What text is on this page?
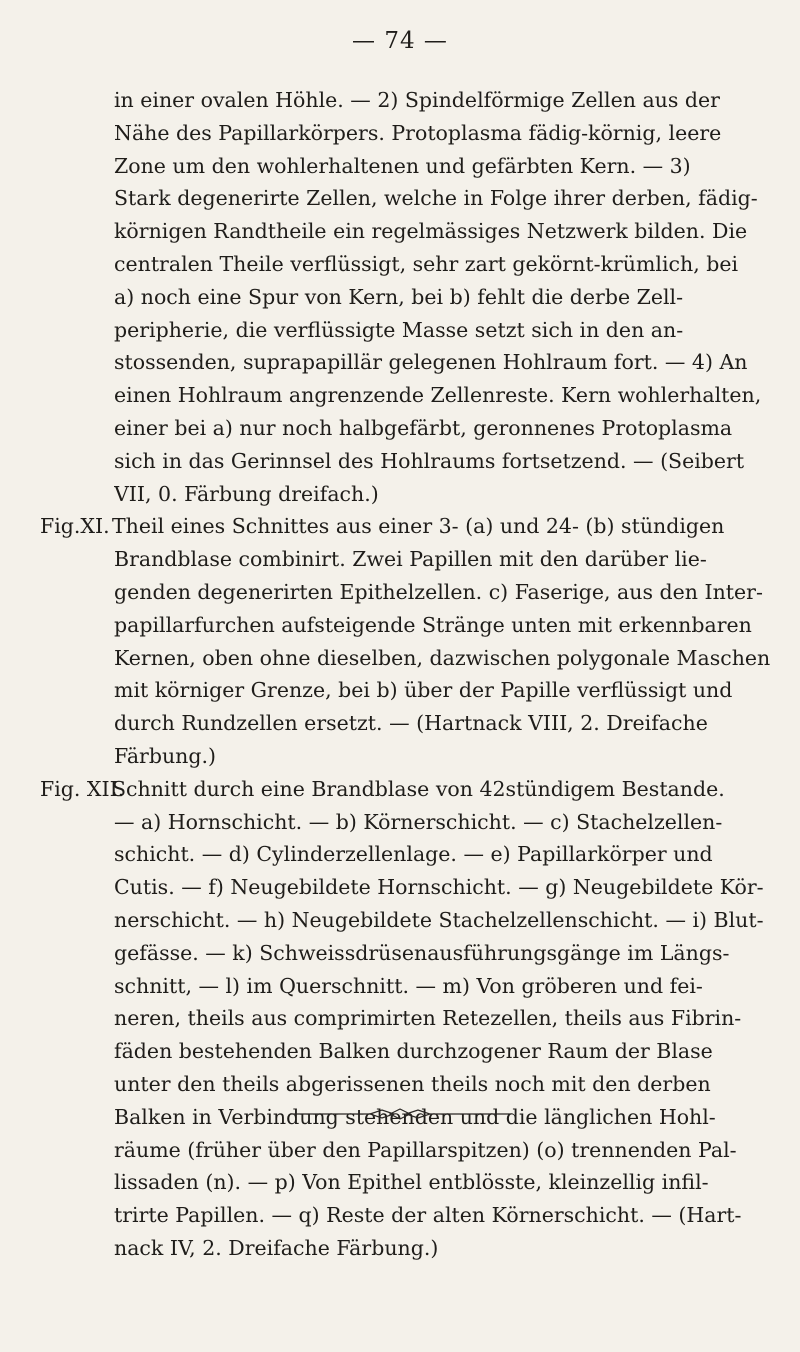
— 74 —
in einer ovalen Höhle. — 2) Spindelförmige Zellen aus der
Nähe des Papillarkörpers. Protoplasma fädig-körnig, leere
Zone um den wohlerhaltenen und gefärbten Kern. — 3)
Stark degenerirte Zellen, welche in Folge ihrer derben, fädig-
körnigen Randtheile ein regelmässiges Netzwerk bilden. Die
centralen Theile verflüssigt, sehr zart gekörnt-krümlich, bei
a) noch eine Spur von Kern, bei b) fehlt die derbe Zell-
peripherie, die verflüssigte Masse setzt sich in den an-
stossenden, suprapapillär gelegenen Hohlraum fort. — 4) An
einen Hohlraum angrenzende Zellenreste. Kern wohlerhalten,
einer bei a) nur noch halbgefärbt, geronnenes Protoplasma
sich in das Gerinnsel des Hohlraums fortsetzend. — (Seibert
VII, 0. Färbung dreifach.)
Fig.XI. Theil eines Schnittes aus einer 3- (a) und 24- (b) stündigen
Brandblase combinirt. Zwei Papillen mit den darüber lie-
genden degenerirten Epithelzellen. c) Faserige, aus den Inter-
papillarfurchen aufsteigende Stränge unten mit erkennbaren
Kernen, oben ohne dieselben, dazwischen polygonale Maschen
mit körniger Grenze, bei b) über der Papille verflüssigt und
durch Rundzellen ersetzt. — (Hartnack VIII, 2. Dreifache
Färbung.)
Fig. XII.Schnitt durch eine Brandblase von 42stündigem Bestande.
— a) Hornschicht. — b) Körnerschicht. — c) Stachelzellen-
schicht. — d) Cylinderzellenlage. — e) Papillarkörper und
Cutis. — f) Neugebildete Hornschicht. — g) Neugebildete Kör-
nerschicht. — h) Neugebildete Stachelzellenschicht. — i) Blut-
gefässe. — k) Schweissdrüsenausführungsgänge im Längs-
schnitt, — l) im Querschnitt. — m) Von gröberen und fei-
neren, theils aus comprimirten Retezellen, theils aus Fibrin-
fäden bestehenden Balken durchzogener Raum der Blase
unter den theils abgerissenen theils noch mit den derben
Balken in Verbindung stehenden und die länglichen Hohl-
räume (früher über den Papillarspitzen) (o) trennenden Pal-
lissaden (n). — p) Von Epithel entblösste, kleinzellig infil-
trirte Papillen. — q) Reste der alten Körnerschicht. — (Hart-
nack IV, 2. Dreifache Färbung.)
